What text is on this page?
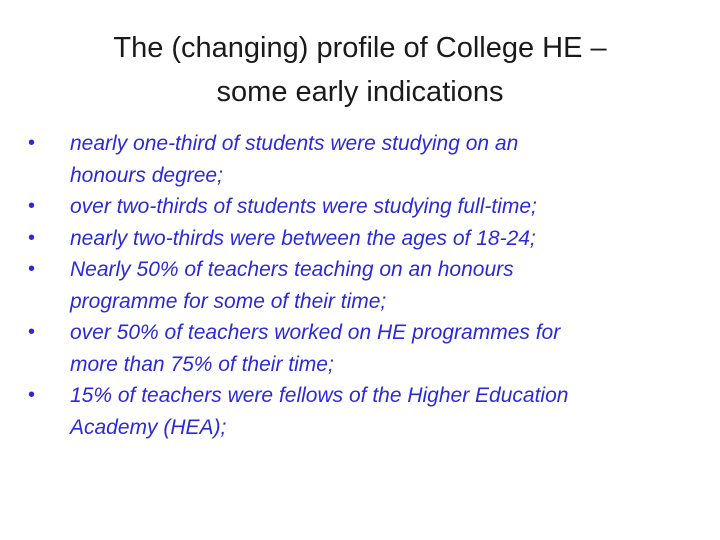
The (changing) profile of College HE –
some early indications
•	nearly one-third of students were studying on an
honours degree;
•	over two-thirds of students were studying full-time;
•	nearly two-thirds were between the ages of 18-24;
•	Nearly 50% of teachers teaching on an honours
programme for some of their time;
•	over 50% of teachers worked on HE programmes for
more than 75% of their time;
•	15% of teachers were fellows of the Higher Education
Academy (HEA);
